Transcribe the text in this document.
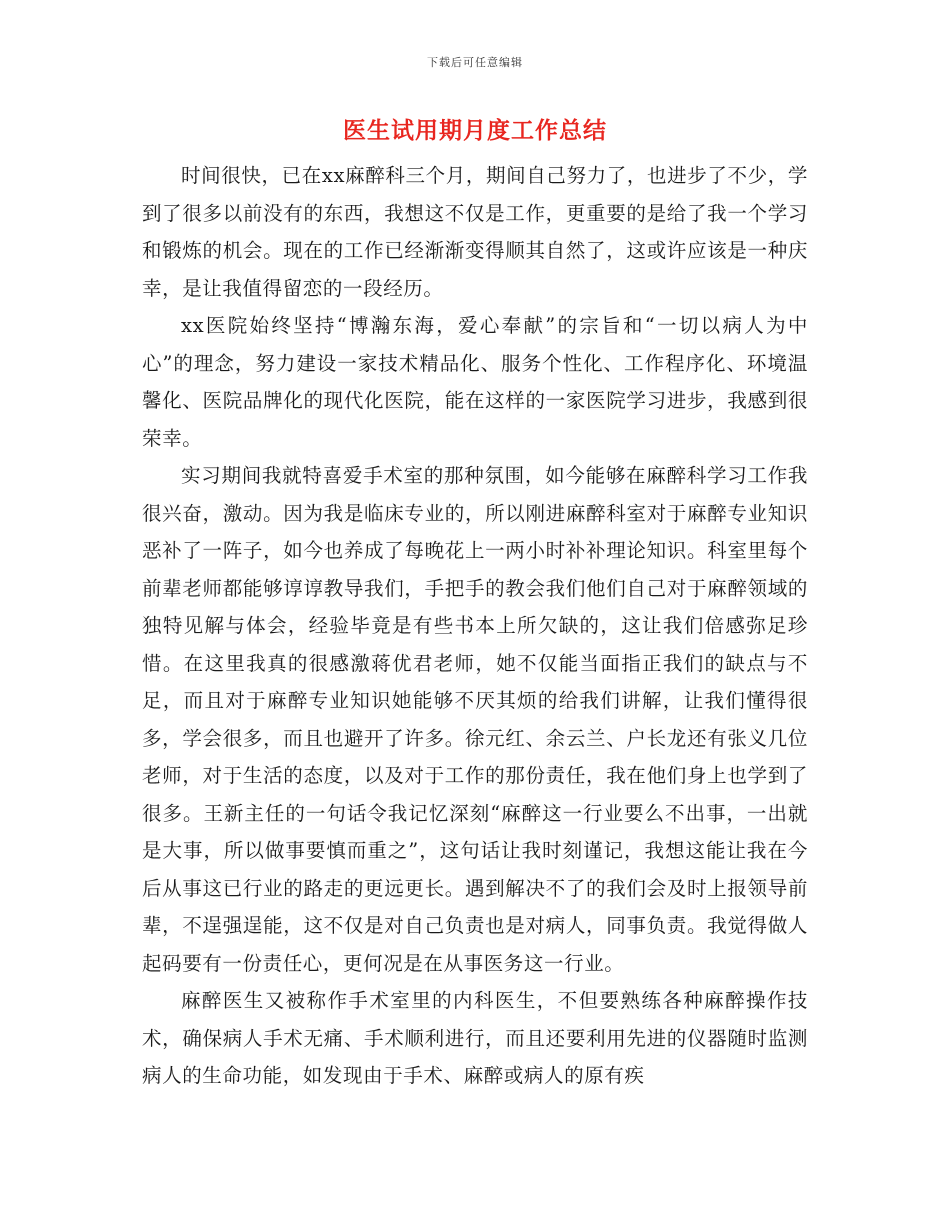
下载后可任意编辑
医生试用期月度工作总结

时间很快，已在xx麻醉科三个月，期间自己努力了，也进步了不少，学到了很多以前没有的东西，我想这不仅是工作，更重要的是给了我一个学习和锻炼的机会。现在的工作已经渐渐变得顺其自然了，这或许应该是一种庆幸，是让我值得留恋的一段经历。

xx医院始终坚持“博瀚东海，爱心奉献”的宗旨和“一切以病人为中心”的理念，努力建设一家技术精品化、服务个性化、工作程序化、环境温馨化、医院品牌化的现代化医院，能在这样的一家医院学习进步，我感到很荣幸。

实习期间我就特喜爱手术室的那种氛围，如今能够在麻醉科学习工作我很兴奋，激动。因为我是临床专业的，所以刚进麻醉科室对于麻醉专业知识恶补了一阵子，如今也养成了每晚花上一两小时补补理论知识。科室里每个前辈老师都能够谆谆教导我们，手把手的教会我们他们自己对于麻醉领域的独特见解与体会，经验毕竟是有些书本上所欠缺的，这让我们倍感弥足珍惜。在这里我真的很感激蒋优君老师，她不仅能当面指正我们的缺点与不足，而且对于麻醉专业知识她能够不厌其烦的给我们讲解，让我们懂得很多，学会很多，而且也避开了许多。徐元红、余云兰、户长龙还有张义几位老师，对于生活的态度，以及对于工作的那份责任，我在他们身上也学到了很多。王新主任的一句话令我记忆深刻“麻醉这一行业要么不出事，一出就是大事，所以做事要慎而重之”，这句话让我时刻谨记，我想这能让我在今后从事这已行业的路走的更远更长。遇到解决不了的我们会及时上报领导前辈，不逞强逞能，这不仅是对自己负责也是对病人，同事负责。我觉得做人起码要有一份责任心，更何况是在从事医务这一行业。

麻醉医生又被称作手术室里的内科医生，不但要熟练各种麻醉操作技术，确保病人手术无痛、手术顺利进行，而且还要利用先进的仪器随时监测病人的生命功能，如发现由于手术、麻醉或病人的原有疾
